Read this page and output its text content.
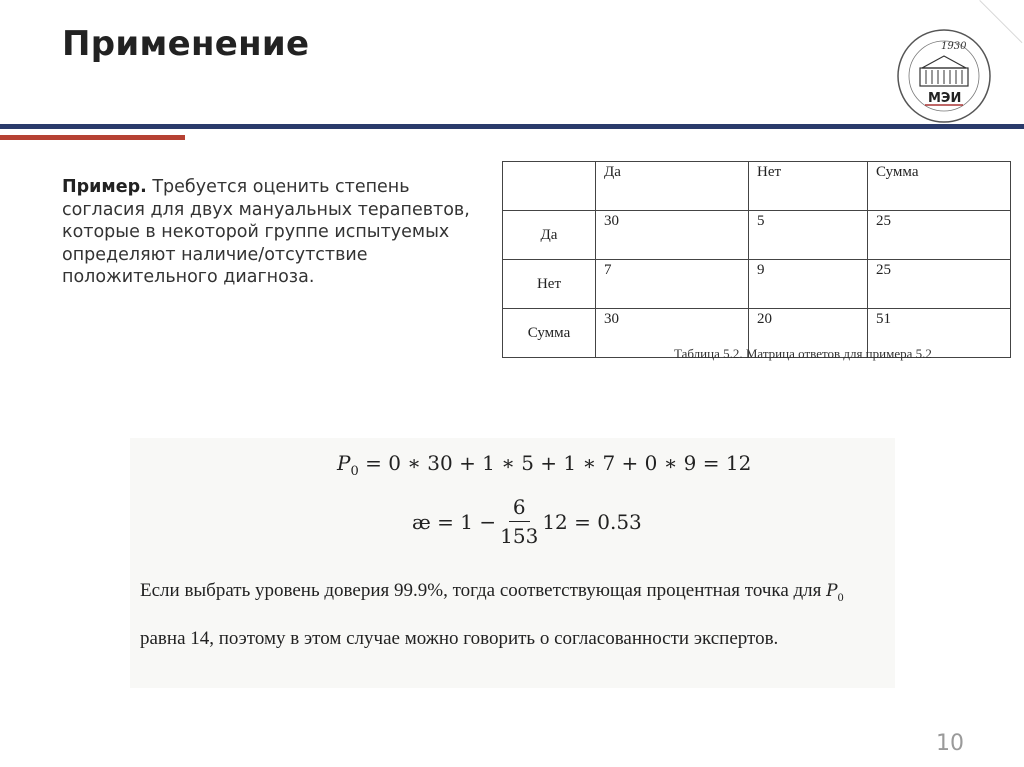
Применение	1930
МЭИ
Пример. Требуется оценить степень согласия для двух мануальных терапевтов, которые в некоторой группе испытуемых определяют наличие/отсутствие положительного диагноза.
	Да	Нет	Сумма
Да	30	5	25
Нет	7	9	25
Сумма	30	20	51
Таблица 5.2. Матрица ответов для примера 5.2
$P_0 = 0$ ∗ 30 + 1 ∗ 5 + 1 ∗ 7 + 0 ∗ 9 = 12
æ = $1 - \frac{6}{153} 12 = 0.53$
Если выбрать уровень доверия 99.9%, тогда соответствующая процентная точка для $P_0$ равна 14, поэтому в этом случае можно говорить о согласованности экспертов.
10
